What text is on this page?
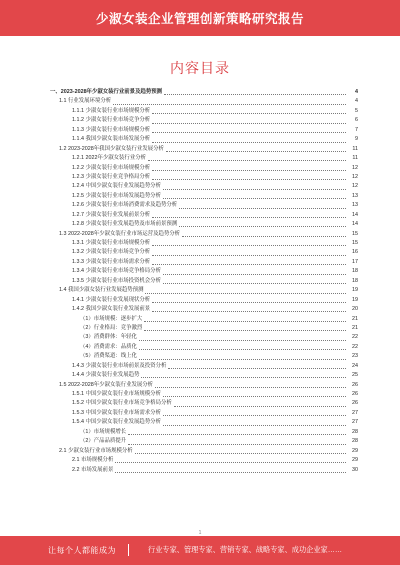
少淑女装企业管理创新策略研究报告
内容目录
一、2023-2028年少淑女装行业前景及趋势预测	4
1.1 行业发展环境分析	4
1.1.1 少淑女装行业市场规模分析	5
1.1.2 少淑女装行业市场竞争分析	6
1.1.3 少淑女装行业市场规模分析	7
1.1.4 我国少淑女装市场发展分析	9
1.2 2023-2028年我国少淑女装行业发展分析	11
1.2.1 2022年少淑女装行业分析	11
1.2.2 少淑女装行业市场规模分析	12
1.2.3 少淑女装行业竞争格局分析	12
1.2.4 中国少淑女装行业发展趋势分析	12
1.2.5 少淑女装行业市场发展趋势分析	13
1.2.6 少淑女装行业市场消费需求及趋势分析	13
1.2.7 少淑女装行业发展前景分析	14
1.2.8 少淑女装行业发展趋势及市场前景预测	14
1.3 2022-2028年少淑女装行业市场运营及趋势分析	15
1.3.1 少淑女装行业市场规模分析	15
1.3.2 少淑女装行业市场竞争分析	16
1.3.3 少淑女装行业市场需求分析	17
1.3.4 少淑女装行业市场竞争格局分析	18
1.3.5 少淑女装行业市场投资机会分析	18
1.4 我国少淑女装行业发展趋势预测	19
1.4.1 少淑女装行业发展现状分析	19
1.4.2 我国少淑女装行业发展前景	20
（1）市场规模：逐步扩大	21
（2）行业格局：竞争激烈	21
（3）消费群体：年轻化	22
（4）消费需求：品质化	22
（5）消费渠道：线上化	23
1.4.3 少淑女装行业市场前景及投资分析	24
1.4.4 少淑女装行业发展趋势	25
1.5 2022-2028年少淑女装行业发展分析	26
1.5.1 中国少淑女装行业市场规模分析	26
1.5.2 中国少淑女装行业市场竞争格局分析	26
1.5.3 中国少淑女装行业市场需求分析	27
1.5.4 中国少淑女装行业发展趋势分析	27
（1）市场规模增长	28
（2）产品品质提升	28
2.1 少淑女装行业市场规模分析	29
2.1 市场规模分析	29
2.2 市场发展前景	30
1
让每个人都能成为	行业专家、管理专家、营销专家、战略专家、成功企业家……
